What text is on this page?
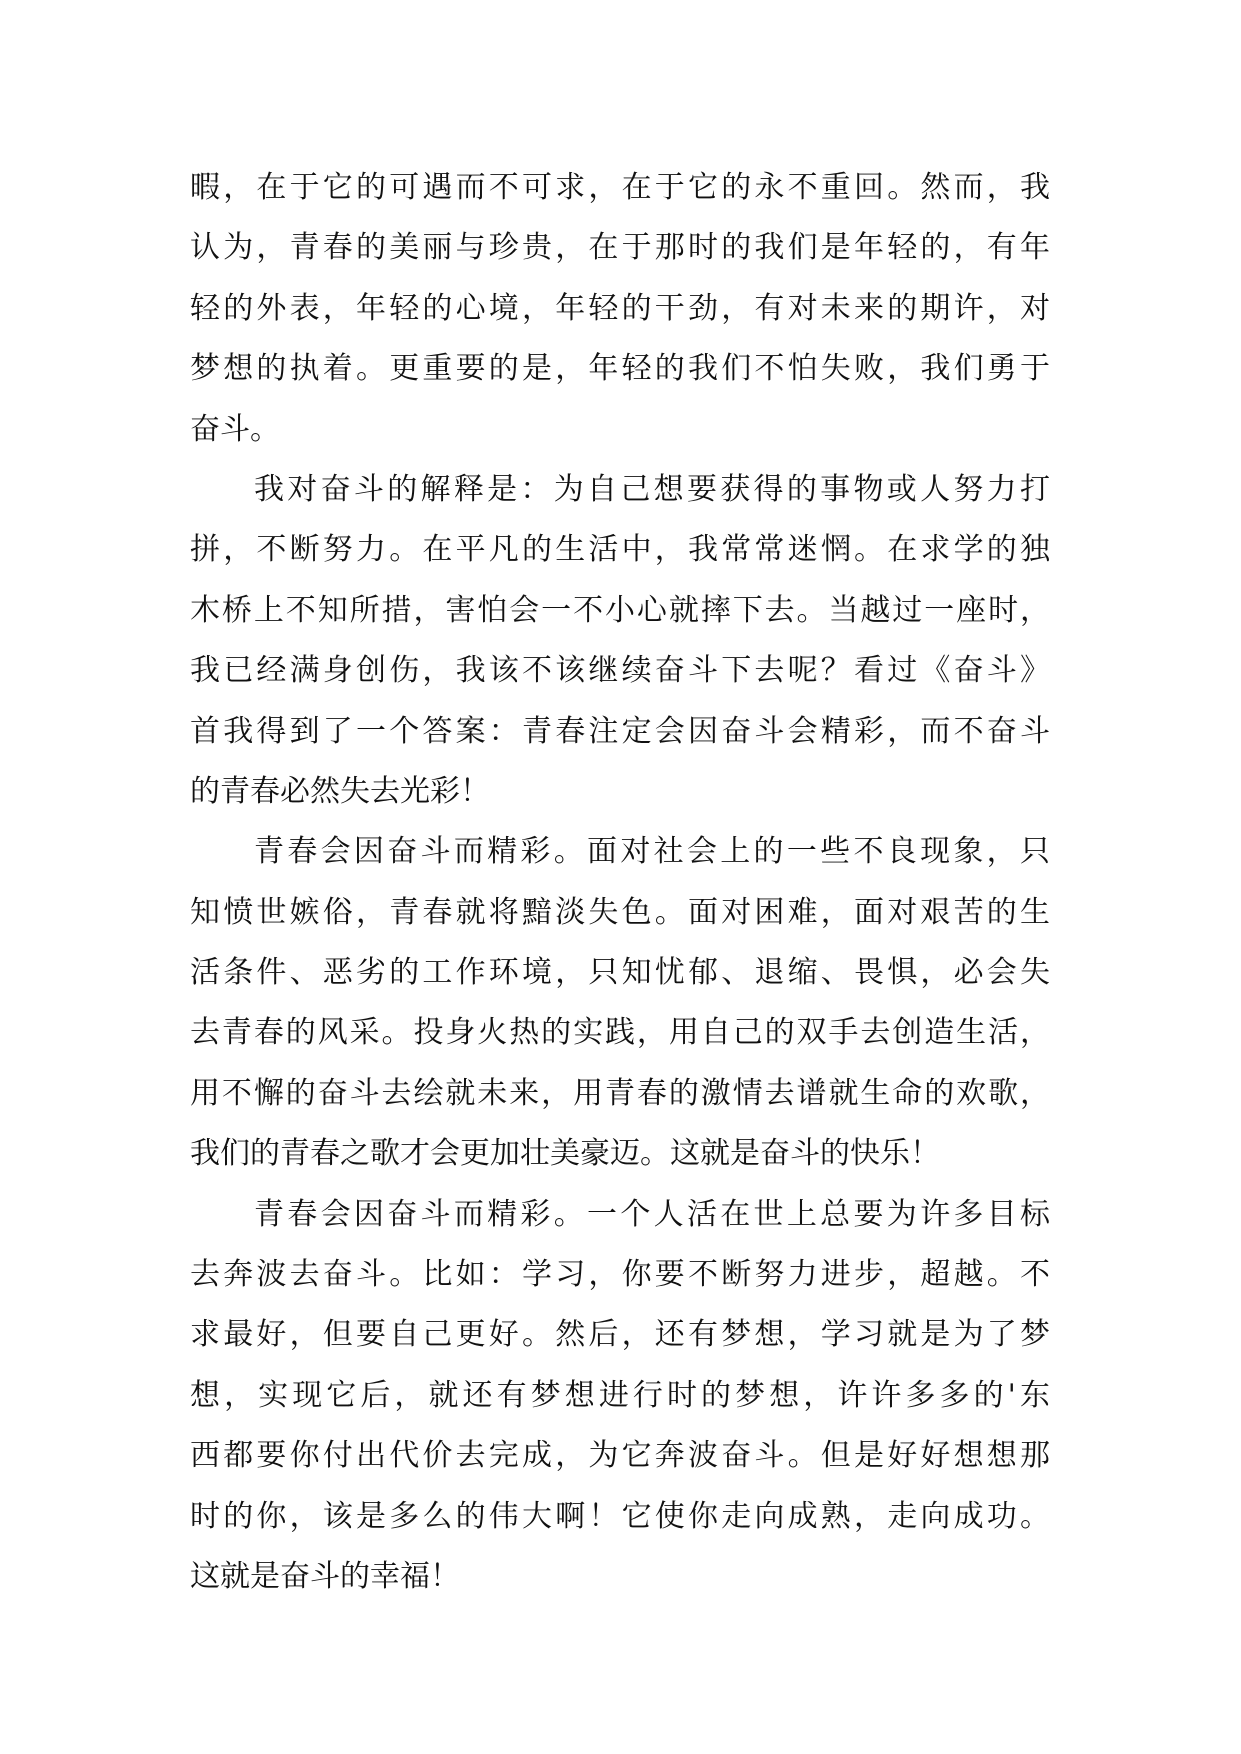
暇，在于它的可遇而不可求，在于它的永不重回。然而，我
认为，青春的美丽与珍贵，在于那时的我们是年轻的，有年
轻的外表，年轻的心境，年轻的干劲，有对未来的期许，对
梦想的执着。更重要的是，年轻的我们不怕失败，我们勇于
奋斗。
我对奋斗的解释是：为自己想要获得的事物或人努力打
拼，不断努力。在平凡的生活中，我常常迷惘。在求学的独
木桥上不知所措，害怕会一不小心就摔下去。当越过一座时，
我已经满身创伤，我该不该继续奋斗下去呢？看过《奋斗》
首我得到了一个答案：青春注定会因奋斗会精彩，而不奋斗
的青春必然失去光彩！
青春会因奋斗而精彩。面对社会上的一些不良现象，只
知愤世嫉俗，青春就将黯淡失色。面对困难，面对艰苦的生
活条件、恶劣的工作环境，只知忧郁、退缩、畏惧，必会失
去青春的风采。投身火热的实践，用自己的双手去创造生活，
用不懈的奋斗去绘就未来，用青春的激情去谱就生命的欢歌，
我们的青春之歌才会更加壮美豪迈。这就是奋斗的快乐！
青春会因奋斗而精彩。一个人活在世上总要为许多目标
去奔波去奋斗。比如：学习，你要不断努力进步，超越。不
求最好，但要自己更好。然后，还有梦想，学习就是为了梦
想，实现它后，就还有梦想进行时的梦想，许许多多的'东
西都要你付出代价去完成，为它奔波奋斗。但是好好想想那
时的你，该是多么的伟大啊！它使你走向成熟，走向成功。
这就是奋斗的幸福！
